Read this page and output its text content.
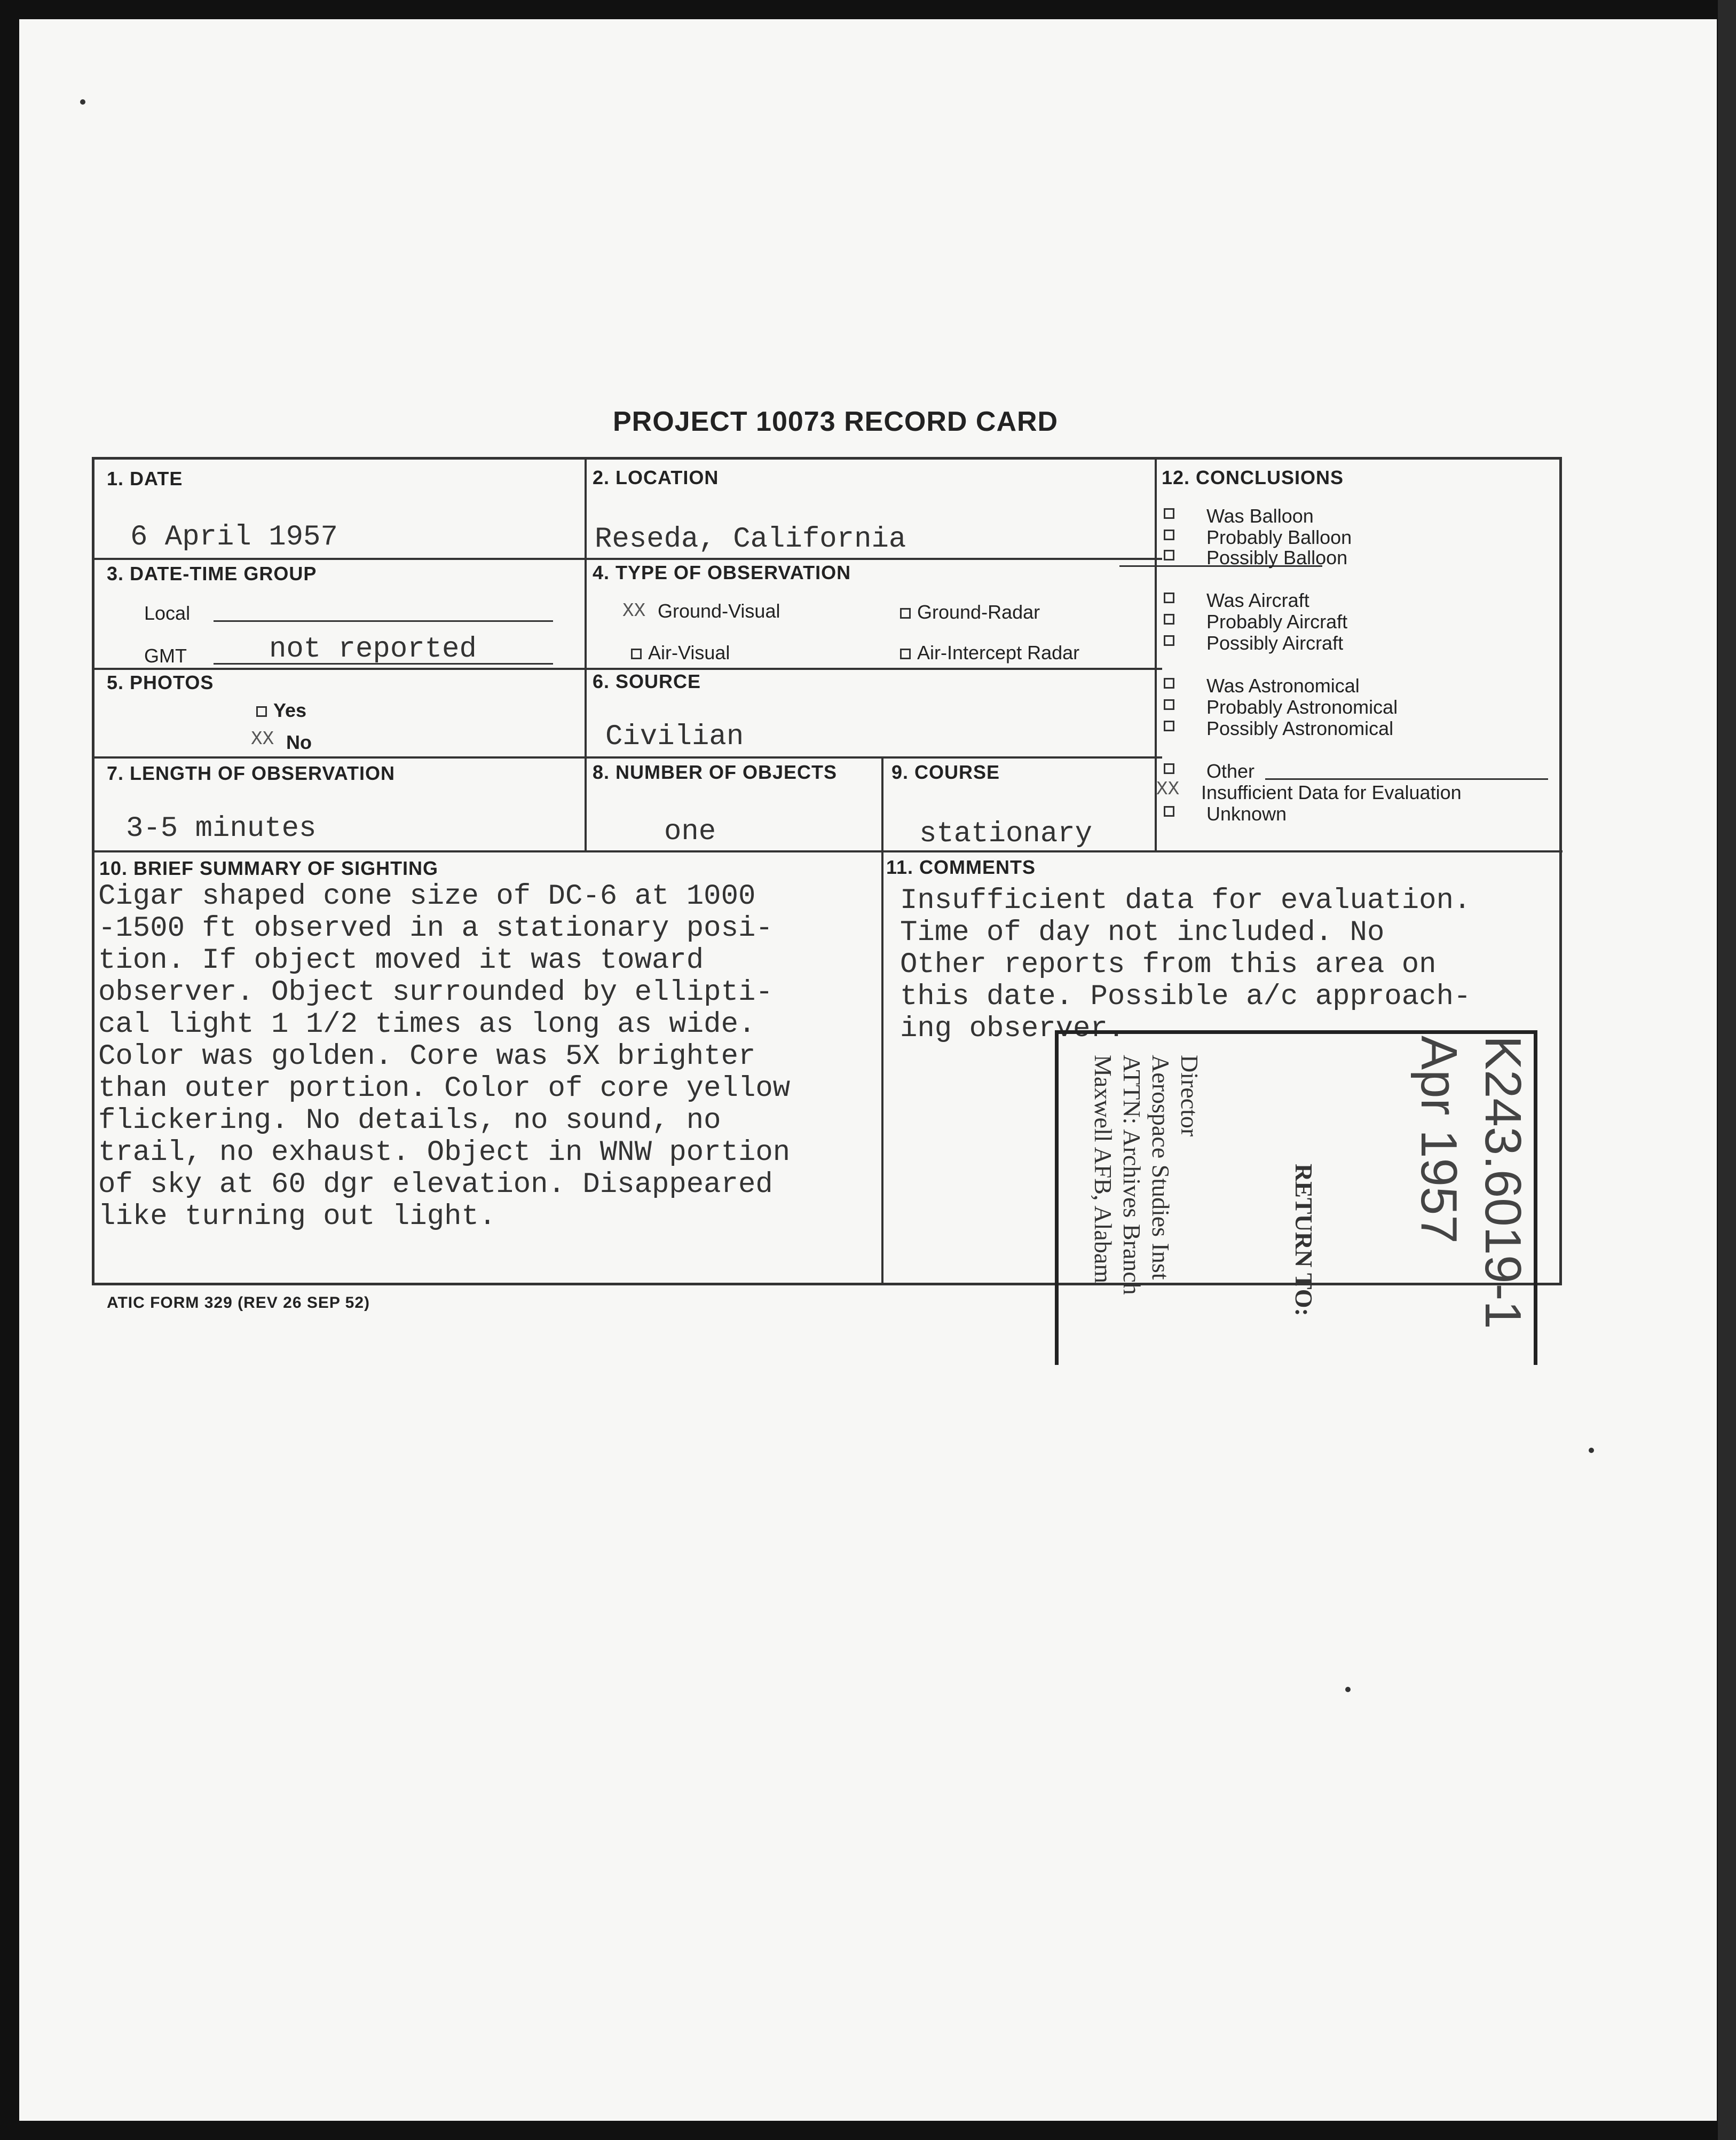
PROJECT 10073 RECORD CARD
1. DATE
6 April 1957
2. LOCATION
Reseda, California
3. DATE-TIME GROUP
Local
GMT	not reported
4. TYPE OF OBSERVATION
XX Ground-Visual	Ground-Radar
Air-Visual	Air-Intercept Radar
5. PHOTOS
Yes
XX No
6. SOURCE
Civilian
7. LENGTH OF OBSERVATION
3-5 minutes
8. NUMBER OF OBJECTS
one
9. COURSE
stationary
10. BRIEF SUMMARY OF SIGHTING
Cigar shaped cone size of DC-6 at 1000
-1500 ft observed in a stationary posi-
tion. If object moved it was toward
observer. Object surrounded by ellipti-
cal light 1 1/2 times as long as wide.
Color was golden. Core was 5X brighter
than outer portion. Color of core yellow
flickering. No details, no sound, no
trail, no exhaust. Object in WNW portion
of sky at 60 dgr elevation. Disappeared
like turning out light.
11. COMMENTS
Insufficient data for evaluation.
Time of day not included. No
Other reports from this area on
this date. Possible a/c approach-
ing observer.
12. CONCLUSIONS
Was Balloon
Probably Balloon
Possibly Balloon
Was Aircraft
Probably Aircraft
Possibly Aircraft
Was Astronomical
Probably Astronomical
Possibly Astronomical
Other
XX Insufficient Data for Evaluation
Unknown
ATIC FORM 329 (REV 26 SEP 52)	RETURN TO:
Director
Aerospace Studies Inst
ATTN: Archives Branch
Maxwell AFB, Alabam	K243.6019-1
Apr 1957
